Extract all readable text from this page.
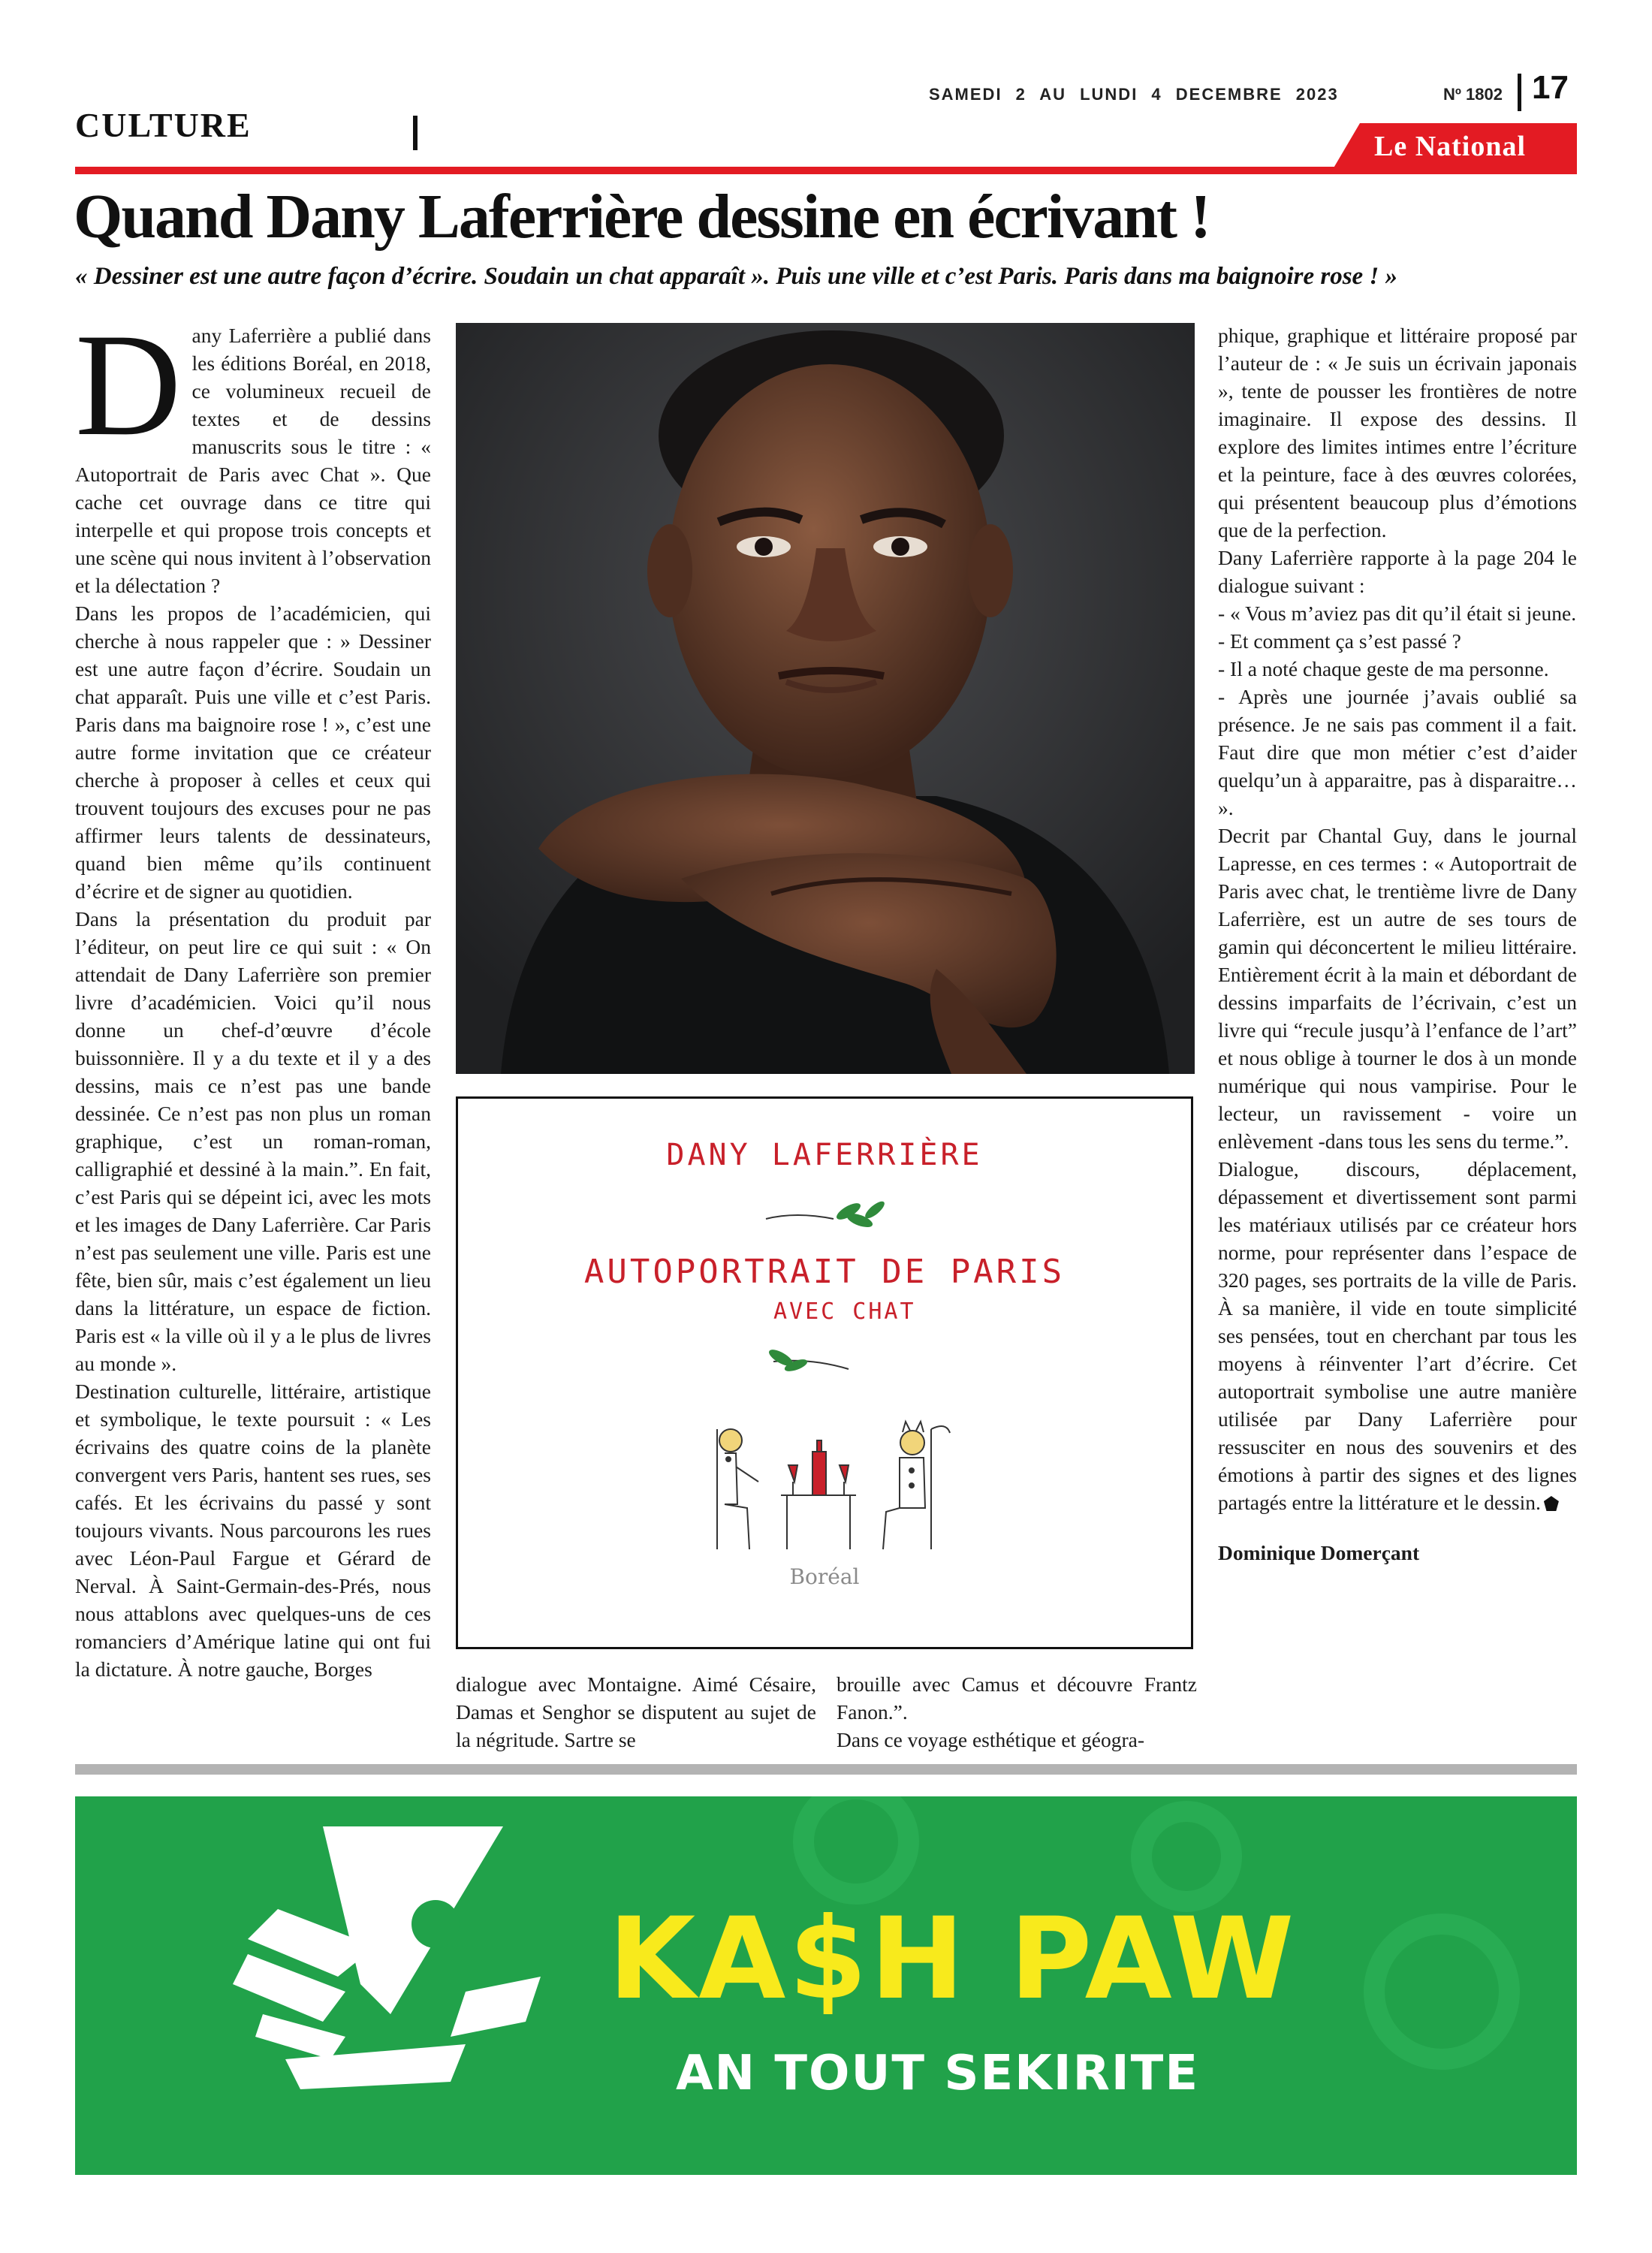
CULTURE
SAMEDI 2 AU LUNDI 4 DECEMBRE 2023	Nº 1802 17
Le National
Quand Dany Laferrière dessine en écrivant !
« Dessiner est une autre façon d’écrire. Soudain un chat apparaît ». Puis une ville et c’est Paris. Paris dans ma baignoire rose ! »
D any Laferrière a publié dans les éditions Boréal, en 2018, ce volumineux recueil de textes et de dessins manuscrits sous le titre : « Autoportrait de Paris avec Chat ». Que cache cet ouvrage dans ce titre qui interpelle et qui propose trois concepts et une scène qui nous invitent à l’observation et la délectation ?

Dans les propos de l’académicien, qui cherche à nous rappeler que : » Dessiner est une autre façon d’écrire. Soudain un chat apparaît. Puis une ville et c’est Paris. Paris dans ma baignoire rose ! », c’est une autre forme invitation que ce créateur cherche à proposer à celles et ceux qui trouvent toujours des excuses pour ne pas affirmer leurs talents de dessinateurs, quand bien même qu’ils continuent d’écrire et de signer au quotidien.

Dans la présentation du produit par l’éditeur, on peut lire ce qui suit : « On attendait de Dany Laferrière son premier livre d’académicien. Voici qu’il nous donne un chef-d’œuvre d’école buissonnière. Il y a du texte et il y a des dessins, mais ce n’est pas une bande dessinée. Ce n’est pas non plus un roman graphique, c’est un roman-roman, calligraphié et dessiné à la main.”. En fait, c’est Paris qui se dépeint ici, avec les mots et les images de Dany Laferrière. Car Paris n’est pas seulement une ville. Paris est une fête, bien sûr, mais c’est également un lieu dans la littérature, un espace de fiction. Paris est « la ville où il y a le plus de livres au monde ».

Destination culturelle, littéraire, artistique et symbolique, le texte poursuit : « Les écrivains des quatre coins de la planète convergent vers Paris, hantent ses rues, ses cafés. Et les écrivains du passé y sont toujours vivants. Nous parcourons les rues avec Léon-Paul Fargue et Gérard de Nerval. À Saint-Germain-des-Prés, nous nous attablons avec quelques-uns de ces romanciers d’Amérique latine qui ont fui la dictature. À notre gauche, Borges

DANY LAFERRIÈRE
AUTOPORTRAIT DE PARIS
AVEC CHAT
Boréal

dialogue avec Montaigne. Aimé Césaire, Damas et Senghor se disputent au sujet de la négritude. Sartre se

brouille avec Camus et découvre Frantz Fanon.”.

Dans ce voyage esthétique et géogra-

phique, graphique et littéraire proposé par l’auteur de : « Je suis un écrivain japonais », tente de pousser les frontières de notre imaginaire. Il expose des dessins. Il explore des limites intimes entre l’écriture et la peinture, face à des œuvres colorées, qui présentent beaucoup plus d’émotions que de la perfection.

Dany Laferrière rapporte à la page 204 le dialogue suivant :

- « Vous m’aviez pas dit qu’il était si jeune.

- Et comment ça s’est passé ?

- Il a noté chaque geste de ma personne.

- Après une journée j’avais oublié sa présence. Je ne sais pas comment il a fait. Faut dire que mon métier c’est d’aider quelqu’un à apparaitre, pas à disparaitre… ».

Decrit par Chantal Guy, dans le journal Lapresse, en ces termes : « Autoportrait de Paris avec chat, le trentième livre de Dany Laferrière, est un autre de ses tours de gamin qui déconcertent le milieu littéraire. Entièrement écrit à la main et débordant de dessins imparfaits de l’écrivain, c’est un livre qui “recule jusqu’à l’enfance de l’art” et nous oblige à tourner le dos à un monde numérique qui nous vampirise. Pour le lecteur, un ravissement - voire un enlèvement -dans tous les sens du terme.”.

Dialogue, discours, déplacement, dépassement et divertissement sont parmi les matériaux utilisés par ce créateur hors norme, pour représenter dans l’espace de 320 pages, ses portraits de la ville de Paris. À sa manière, il vide en toute simplicité ses pensées, tout en cherchant par tous les moyens à réinventer l’art d’écrire. Cet autoportrait symbolise une autre manière utilisée par Dany Laferrière pour ressusciter en nous des souvenirs et des émotions à partir des signes et des lignes partagés entre la littérature et le dessin.

Dominique Domerçant

KA$H PAW
AN TOUT SEKIRITE
